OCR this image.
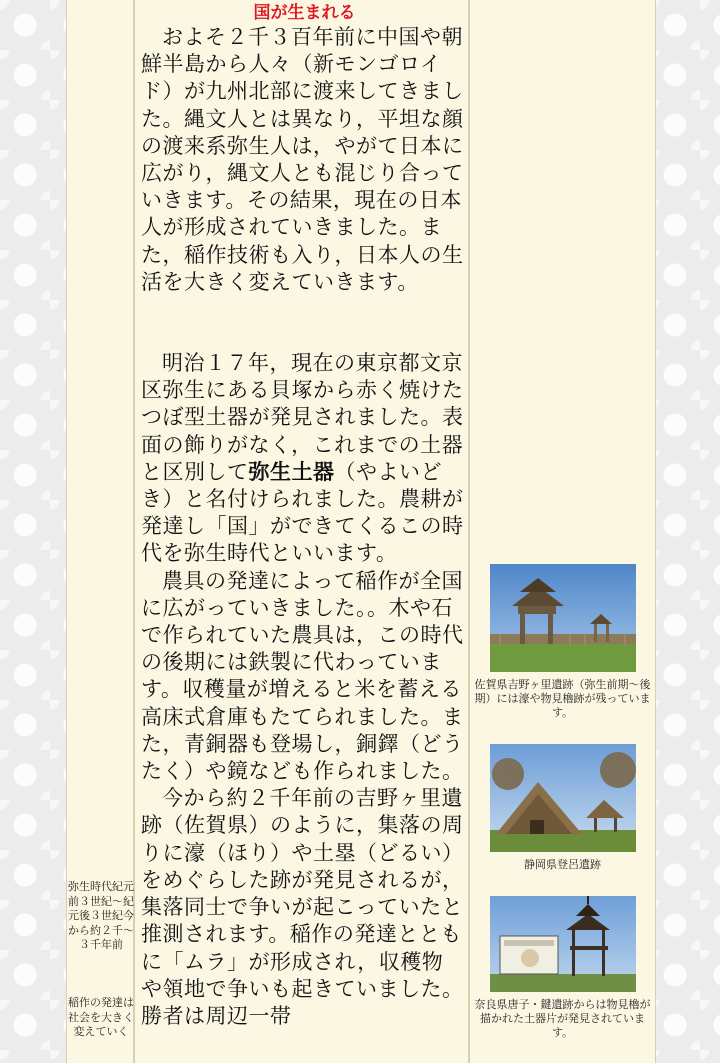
弥生時代紀元前３世紀～紀元後３世紀今から約２千～３千年前
稲作の発達は社会を大きく変えていく
国が生まれる

およそ２千３百年前に中国や朝鮮半島から人々（新モンゴロイド）が九州北部に渡来してきました。縄文人とは異なり，平坦な顔の渡来系弥生人は，やがて日本に広がり，縄文人とも混じり合っていきます。その結果，現在の日本人が形成されていきました。また，稲作技術も入り，日本人の生活を大きく変えていきます。

明治１７年，現在の東京都文京区弥生にある貝塚から赤く焼けたつぼ型土器が発見されました。表面の飾りがなく，これまでの土器と区別して弥生土器（やよいどき）と名付けられました。農耕が発達し「国」ができてくるこの時代を弥生時代といいます。

農具の発達によって稲作が全国に広がっていきました。。木や石で作られていた農具は，この時代の後期には鉄製に代わっています。収穫量が増えると米を蓄える高床式倉庫もたてられました。また，青銅器も登場し，銅鐸（どうたく）や鏡なども作られました。

今から約２千年前の吉野ヶ里遺跡（佐賀県）のように，集落の周りに濠（ほり）や土塁（どるい）をめぐらした跡が発見されるが，集落同士で争いが起こっていたと推測されます。稲作の発達とともに「ムラ」が形成され，収穫物や領地で争いも起きていました。勝者は周辺一帯

佐賀県吉野ヶ里遺跡（弥生前期～後期）には濠や物見櫓跡が残っています。
静岡県登呂遺跡
奈良県唐子・鍵遺跡からは物見櫓が描かれた土器片が発見されています。
